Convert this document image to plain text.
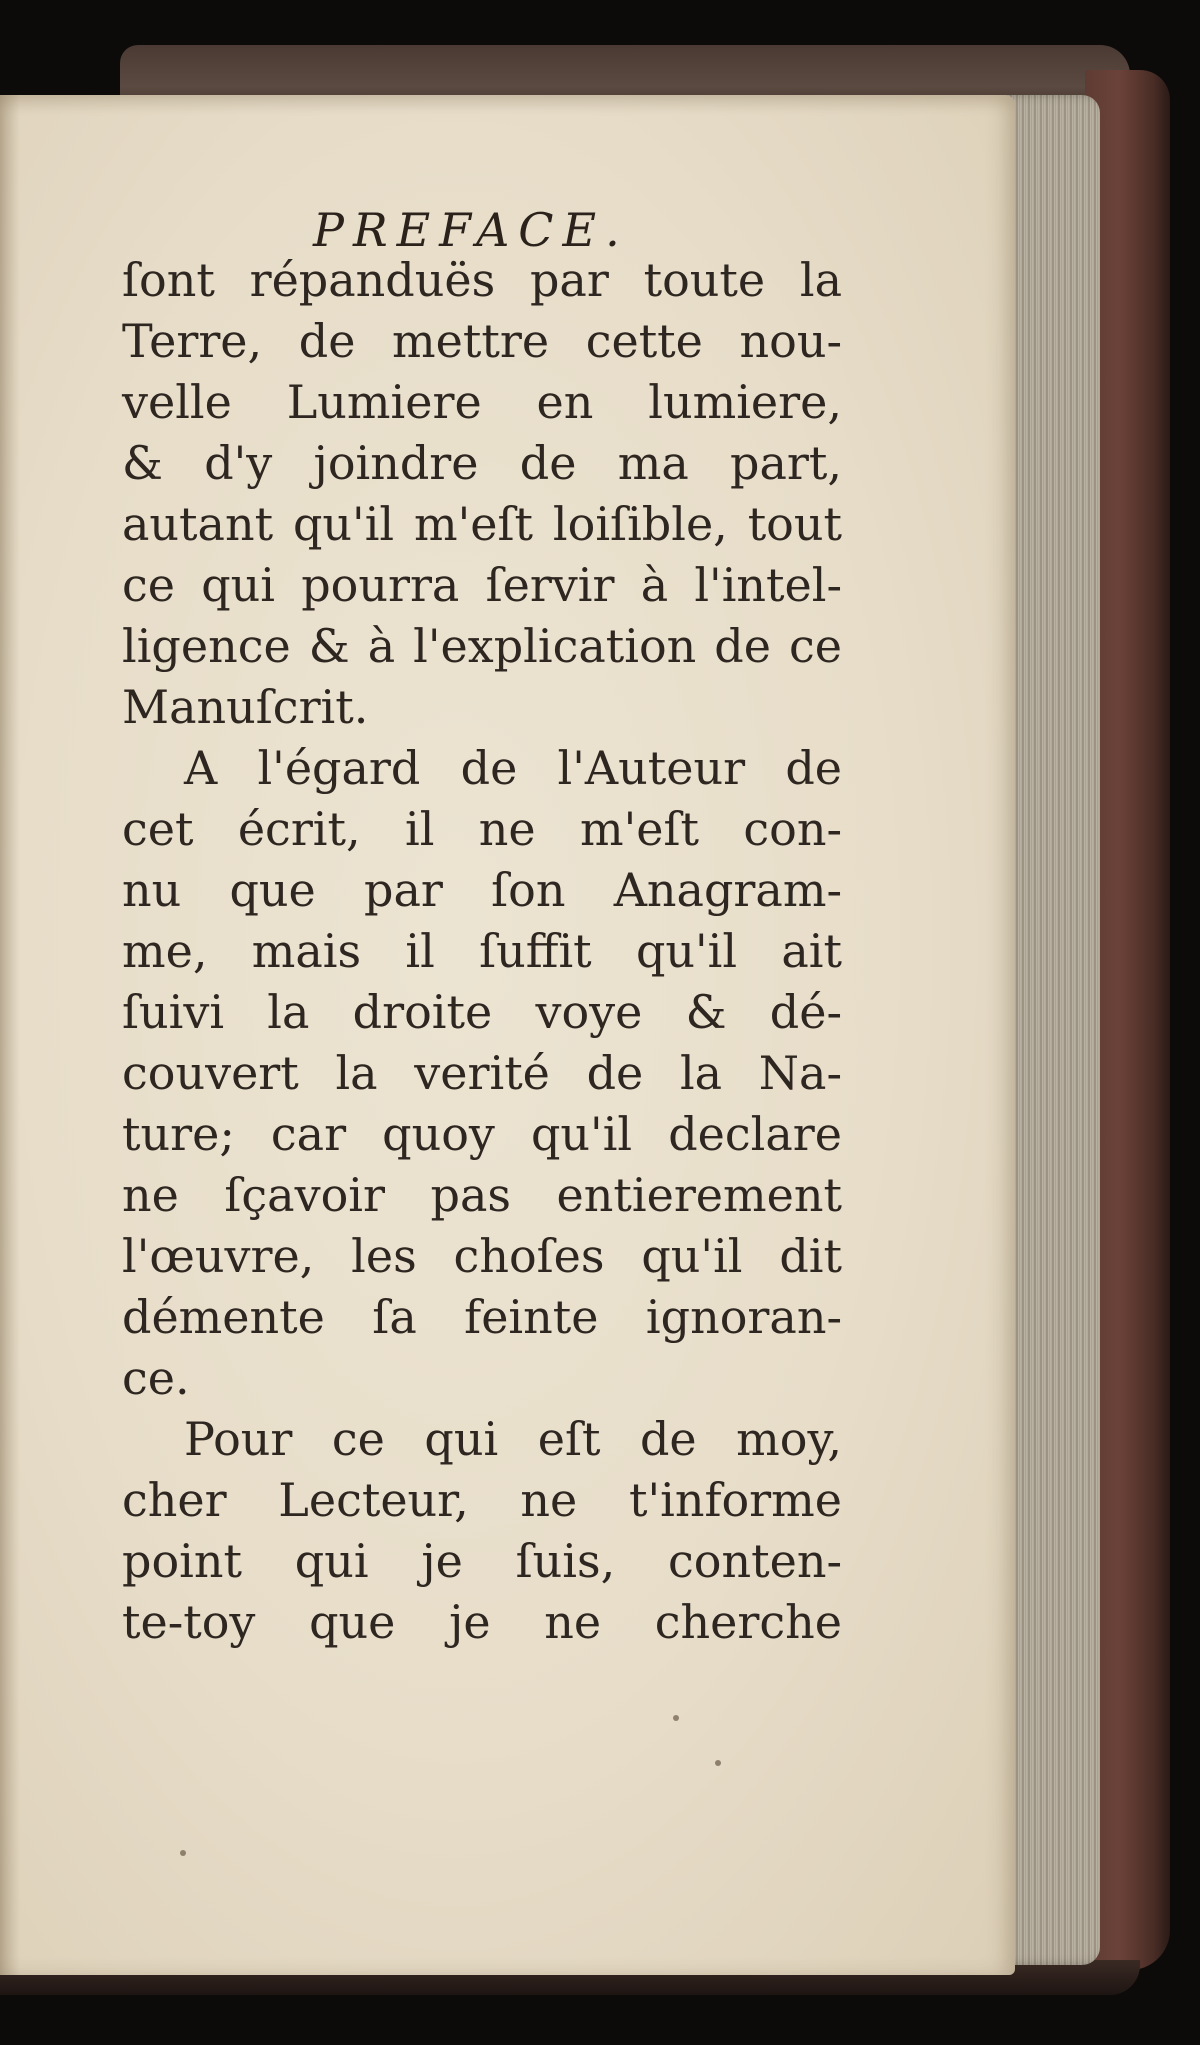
PREFACE.
ſont répanduës par toute la
Terre, de mettre cette nou-
velle Lumiere en lumiere,
& d'y joindre de ma part,
autant qu'il m'eſt loiſible, tout
ce qui pourra ſervir à l'intel-
ligence & à l'explication de ce
Manuſcrit.
A l'égard de l'Auteur de
cet écrit, il ne m'eſt con-
nu que par ſon Anagram-
me, mais il ſuffit qu'il ait
ſuivi la droite voye & dé-
couvert la verité de la Na-
ture; car quoy qu'il declare
ne ſçavoir pas entierement
l'œuvre, les choſes qu'il dit
démente ſa feinte ignoran-
ce.
Pour ce qui eſt de moy,
cher Lecteur, ne t'informe
point qui je ſuis, conten-
te-toy que je ne cherche
